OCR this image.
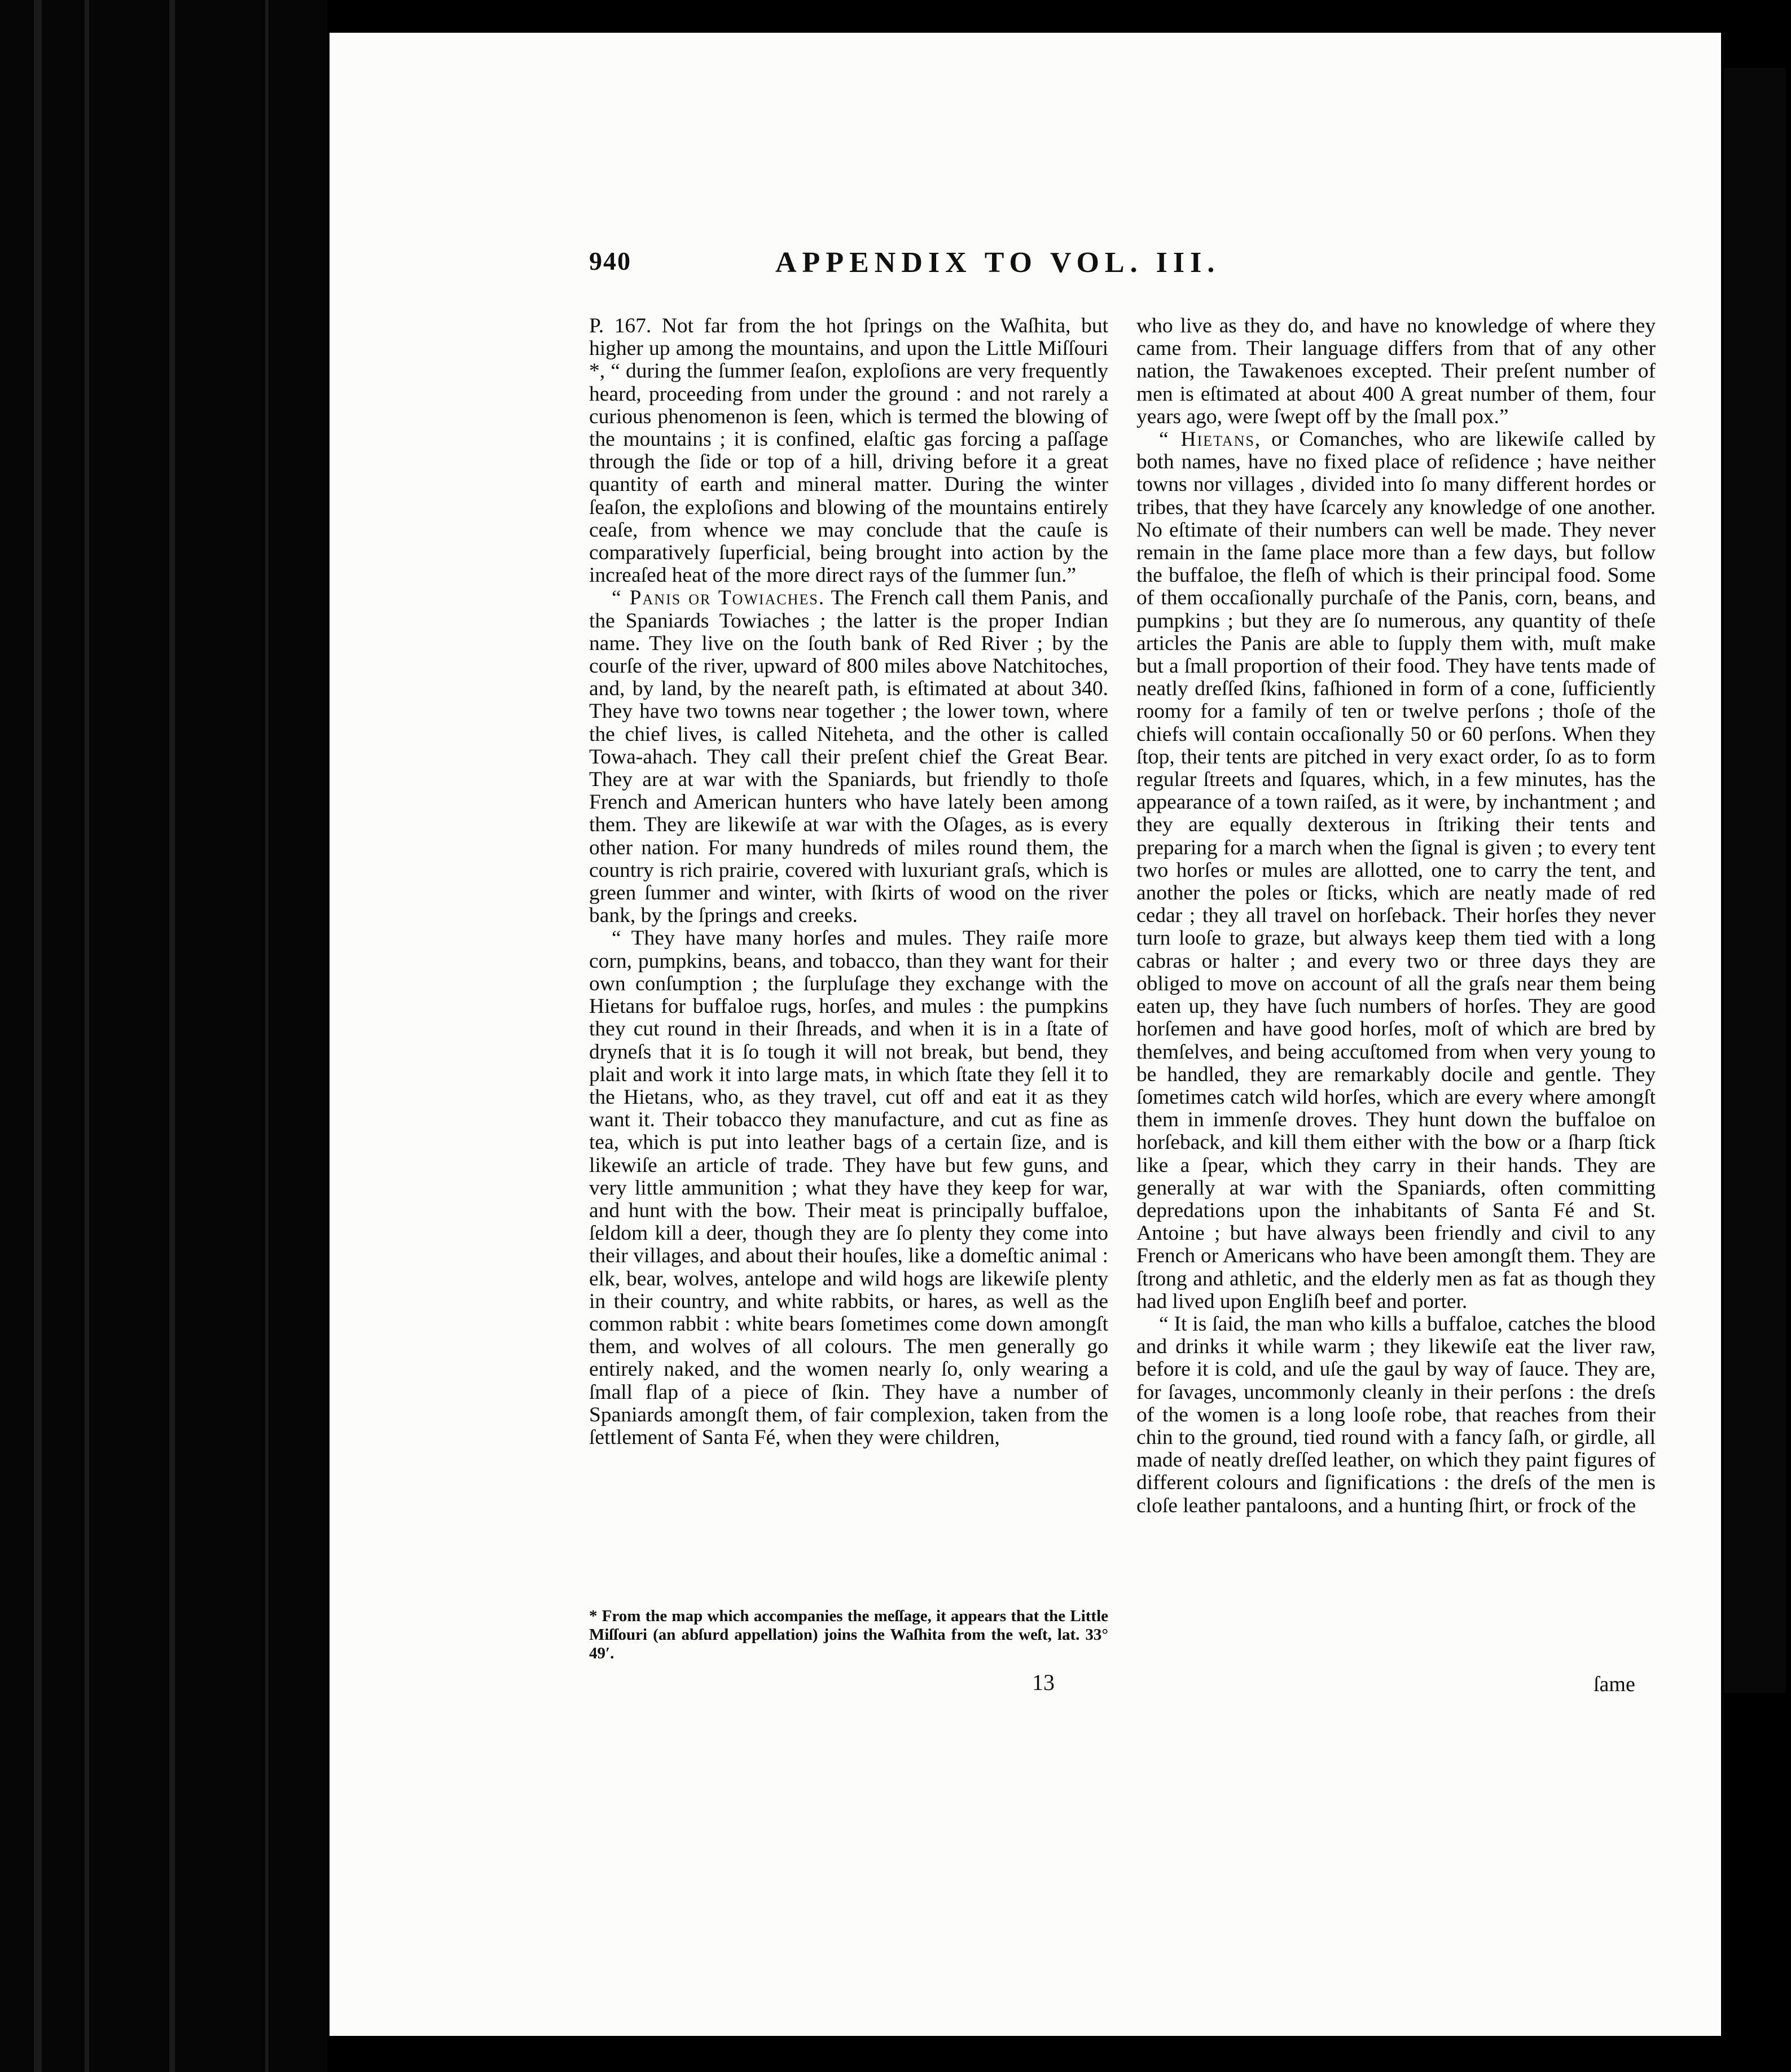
940	APPENDIX TO VOL. III.

P. 167. Not far from the hot ſprings on the Waſhita, but higher up among the mountains, and upon the Little Miſſouri *, “ during the ſummer ſeaſon, exploſions are very frequently heard, proceeding from under the ground : and not rarely a curious phenomenon is ſeen, which is termed the blowing of the mountains ; it is confined, elaſtic gas forcing a paſſage through the ſide or top of a hill, driving before it a great quantity of earth and mineral matter. During the winter ſeaſon, the exploſions and blowing of the mountains entirely ceaſe, from whence we may conclude that the cauſe is comparatively ſuperficial, being brought into action by the increaſed heat of the more direct rays of the ſummer ſun.”

“ Panis or Towiaches. The French call them Panis, and the Spaniards Towiaches ; the latter is the proper Indian name. They live on the ſouth bank of Red River ; by the courſe of the river, upward of 800 miles above Natchitoches, and, by land, by the neareſt path, is eſtimated at about 340. They have two towns near together ; the lower town, where the chief lives, is called Niteheta, and the other is called Towa-ahach. They call their preſent chief the Great Bear. They are at war with the Spaniards, but friendly to thoſe French and American hunters who have lately been among them. They are likewiſe at war with the Oſages, as is every other nation. For many hundreds of miles round them, the country is rich prairie, covered with luxuriant graſs, which is green ſummer and winter, with ſkirts of wood on the river bank, by the ſprings and creeks.

“ They have many horſes and mules. They raiſe more corn, pumpkins, beans, and tobacco, than they want for their own conſumption ; the ſurpluſage they exchange with the Hietans for buffaloe rugs, horſes, and mules : the pumpkins they cut round in their ſhreads, and when it is in a ſtate of dryneſs that it is ſo tough it will not break, but bend, they plait and work it into large mats, in which ſtate they ſell it to the Hietans, who, as they travel, cut off and eat it as they want it. Their tobacco they manufacture, and cut as fine as tea, which is put into leather bags of a certain ſize, and is likewiſe an article of trade. They have but few guns, and very little ammunition ; what they have they keep for war, and hunt with the bow. Their meat is principally buffaloe, ſeldom kill a deer, though they are ſo plenty they come into their villages, and about their houſes, like a domeſtic animal : elk, bear, wolves, antelope and wild hogs are likewiſe plenty in their country, and white rabbits, or hares, as well as the common rabbit : white bears ſometimes come down amongſt them, and wolves of all colours. The men generally go entirely naked, and the women nearly ſo, only wearing a ſmall flap of a piece of ſkin. They have a number of Spaniards amongſt them, of fair complexion, taken from the ſettlement of Santa Fé, when they were children,

* From the map which accompanies the meſſage, it appears that the Little Miſſouri (an abſurd appellation) joins the Waſhita from the weſt, lat. 33° 49′.

who live as they do, and have no knowledge of where they came from. Their language differs from that of any other nation, the Tawakenoes excepted. Their preſent number of men is eſtimated at about 400 A great number of them, four years ago, were ſwept off by the ſmall pox.”

“ Hietans, or Comanches, who are likewiſe called by both names, have no fixed place of reſidence ; have neither towns nor villages , divided into ſo many different hordes or tribes, that they have ſcarcely any knowledge of one another. No eſtimate of their numbers can well be made. They never remain in the ſame place more than a few days, but follow the buffaloe, the fleſh of which is their principal food. Some of them occaſionally purchaſe of the Panis, corn, beans, and pumpkins ; but they are ſo numerous, any quantity of theſe articles the Panis are able to ſupply them with, muſt make but a ſmall proportion of their food. They have tents made of neatly dreſſed ſkins, faſhioned in form of a cone, ſufficiently roomy for a family of ten or twelve perſons ; thoſe of the chiefs will contain occaſionally 50 or 60 perſons. When they ſtop, their tents are pitched in very exact order, ſo as to form regular ſtreets and ſquares, which, in a few minutes, has the appearance of a town raiſed, as it were, by inchantment ; and they are equally dexterous in ſtriking their tents and preparing for a march when the ſignal is given ; to every tent two horſes or mules are allotted, one to carry the tent, and another the poles or ſticks, which are neatly made of red cedar ; they all travel on horſeback. Their horſes they never turn looſe to graze, but always keep them tied with a long cabras or halter ; and every two or three days they are obliged to move on account of all the graſs near them being eaten up, they have ſuch numbers of horſes. They are good horſemen and have good horſes, moſt of which are bred by themſelves, and being accuſtomed from when very young to be handled, they are remarkably docile and gentle. They ſometimes catch wild horſes, which are every where amongſt them in immenſe droves. They hunt down the buffaloe on horſeback, and kill them either with the bow or a ſharp ſtick like a ſpear, which they carry in their hands. They are generally at war with the Spaniards, often committing depredations upon the inhabitants of Santa Fé and St. Antoine ; but have always been friendly and civil to any French or Americans who have been amongſt them. They are ſtrong and athletic, and the elderly men as fat as though they had lived upon Engliſh beef and porter.

“ It is ſaid, the man who kills a buffaloe, catches the blood and drinks it while warm ; they likewiſe eat the liver raw, before it is cold, and uſe the gaul by way of ſauce. They are, for ſavages, uncommonly cleanly in their perſons : the dreſs of the women is a long looſe robe, that reaches from their chin to the ground, tied round with a fancy ſaſh, or girdle, all made of neatly dreſſed leather, on which they paint figures of different colours and ſignifications : the dreſs of the men is cloſe leather pantaloons, and a hunting ſhirt, or frock of the

13	ſame
